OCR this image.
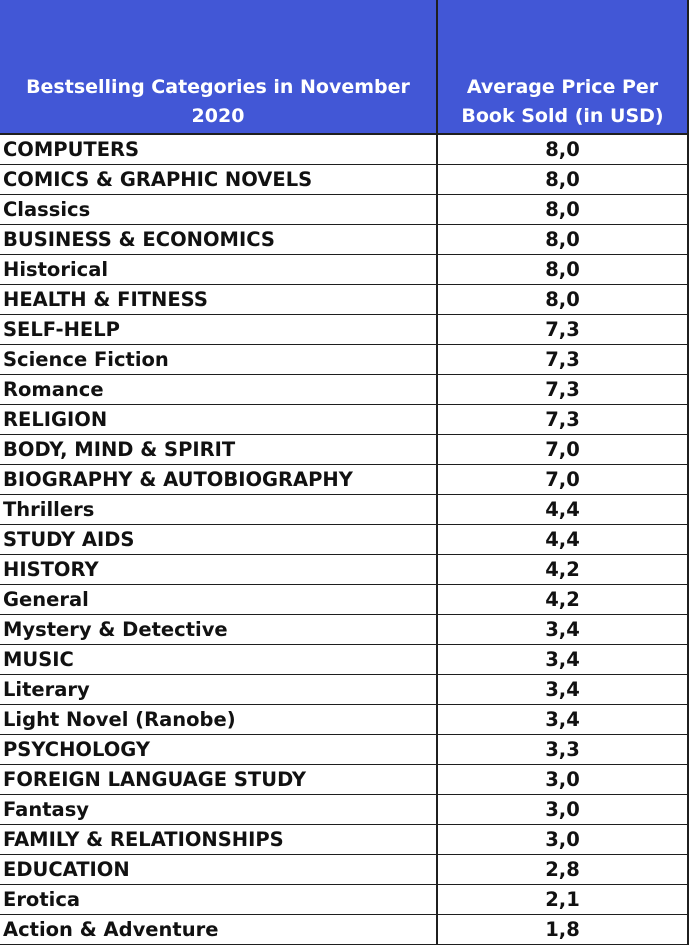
Bestselling Categories in November 2020	Average Price Per Book Sold (in USD)
COMPUTERS	8,0
COMICS & GRAPHIC NOVELS	8,0
Classics	8,0
BUSINESS & ECONOMICS	8,0
Historical	8,0
HEALTH & FITNESS	8,0
SELF-HELP	7,3
Science Fiction	7,3
Romance	7,3
RELIGION	7,3
BODY, MIND & SPIRIT	7,0
BIOGRAPHY & AUTOBIOGRAPHY	7,0
Thrillers	4,4
STUDY AIDS	4,4
HISTORY	4,2
General	4,2
Mystery & Detective	3,4
MUSIC	3,4
Literary	3,4
Light Novel (Ranobe)	3,4
PSYCHOLOGY	3,3
FOREIGN LANGUAGE STUDY	3,0
Fantasy	3,0
FAMILY & RELATIONSHIPS	3,0
EDUCATION	2,8
Erotica	2,1
Action & Adventure	1,8
